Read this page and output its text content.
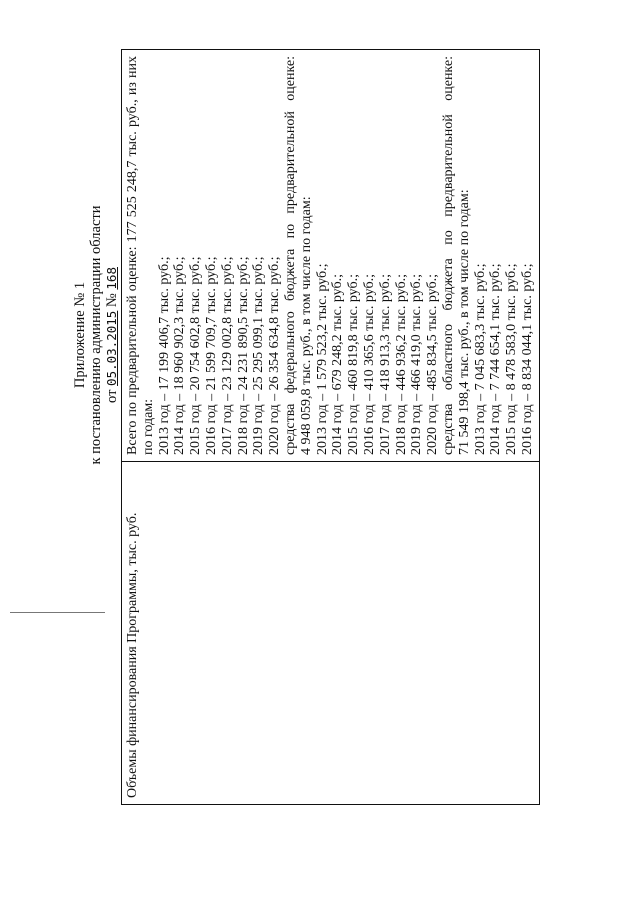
Приложение № 1 к постановлению администрации области от 05.03.2015 № 168
Объемы финансирования Программы, тыс. руб.	
Всего по предварительной оценке: 177 525 248,7 тыс. руб., из них по годам: 2013 год – 17 199 406,7 тыс. руб.; 2014 год – 18 960 902,3 тыс. руб.; 2015 год – 20 754 602,8 тыс. руб.; 2016 год – 21 599 709,7 тыс. руб.; 2017 год – 23 129 002,8 тыс. руб.; 2018 год – 24 231 890,5 тыс. руб.; 2019 год – 25 295 099,1 тыс. руб.; 2020 год – 26 354 634,8 тыс. руб.; средства федерального бюджета по предварительной оценке: 4 948 059,8 тыс. руб., в том числе по годам: 2013 год – 1 579 523,2 тыс. руб.; 2014 год – 679 248,2 тыс. руб.; 2015 год – 460 819,8 тыс. руб.; 2016 год – 410 365,6 тыс. руб.; 2017 год – 418 913,3 тыс. руб.; 2018 год – 446 936,2 тыс. руб.; 2019 год – 466 419,0 тыс. руб.; 2020 год – 485 834,5 тыс. руб.; средства областного бюджета по предварительной оценке: 71 549 198,4 тыс. руб., в том числе по годам: 2013 год – 7 045 683,3 тыс. руб.; 2014 год – 7 744 654,1 тыс. руб.; 2015 год – 8 478 583,0 тыс. руб.; 2016 год – 8 834 044,1 тыс. руб.;
